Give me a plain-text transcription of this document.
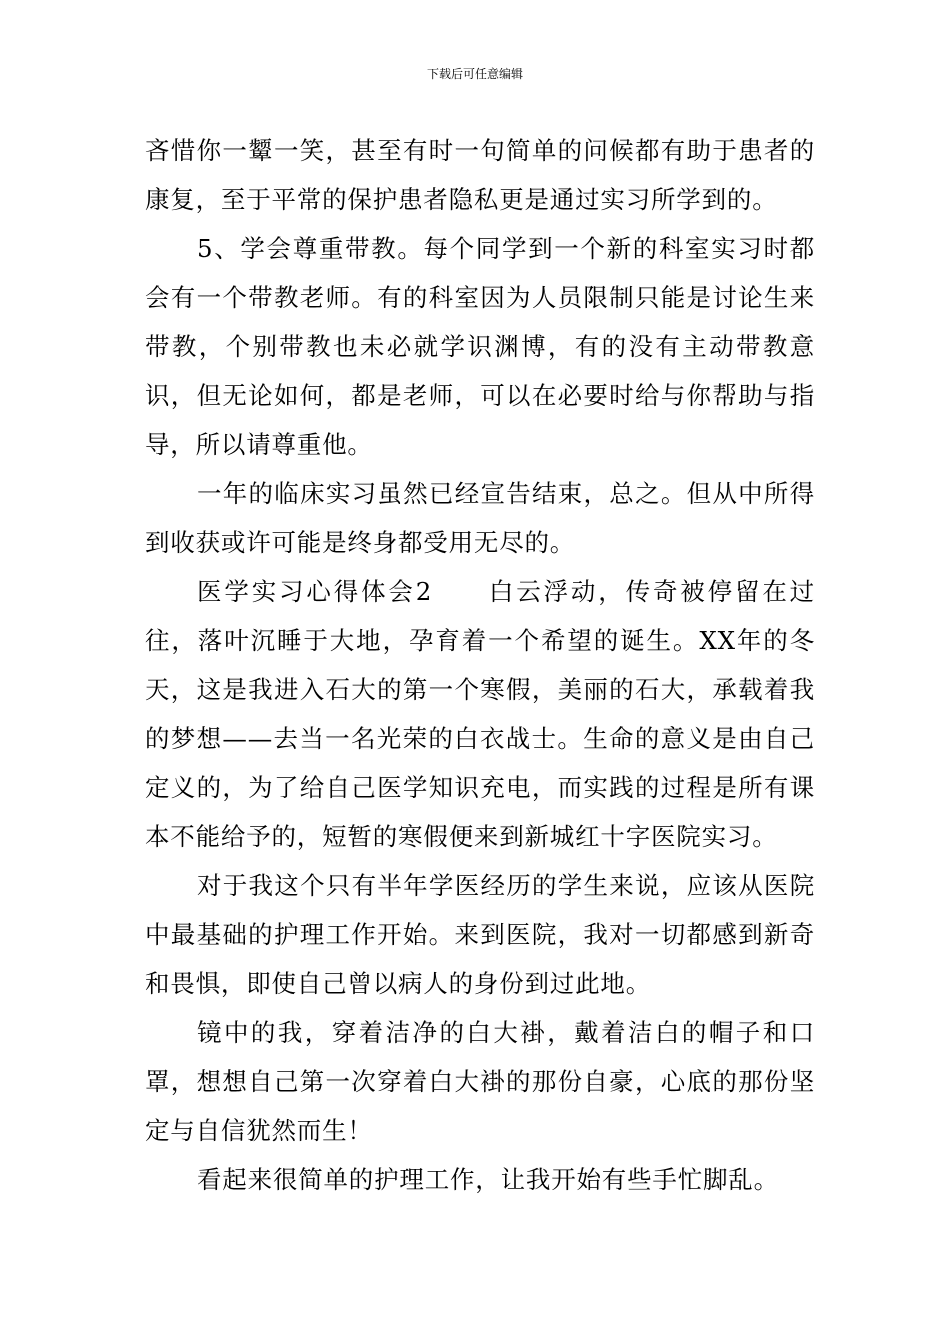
下载后可任意编辑

吝惜你一颦一笑，甚至有时一句简单的问候都有助于患者的康复，至于平常的保护患者隐私更是通过实习所学到的。

5、学会尊重带教。每个同学到一个新的科室实习时都会有一个带教老师。有的科室因为人员限制只能是讨论生来带教，个别带教也未必就学识渊博，有的没有主动带教意识，但无论如何，都是老师，可以在必要时给与你帮助与指导，所以请尊重他。

一年的临床实习虽然已经宣告结束，总之。但从中所得到收获或许可能是终身都受用无尽的。

医学实习心得体会2　　白云浮动，传奇被停留在过往，落叶沉睡于大地，孕育着一个希望的诞生。XX年的冬天，这是我进入石大的第一个寒假，美丽的石大，承载着我的梦想——去当一名光荣的白衣战士。生命的意义是由自己定义的，为了给自己医学知识充电，而实践的过程是所有课本不能给予的，短暂的寒假便来到新城红十字医院实习。

对于我这个只有半年学医经历的学生来说，应该从医院中最基础的护理工作开始。来到医院，我对一切都感到新奇和畏惧，即使自己曾以病人的身份到过此地。

镜中的我，穿着洁净的白大褂，戴着洁白的帽子和口罩，想想自己第一次穿着白大褂的那份自豪，心底的那份坚定与自信犹然而生！

看起来很简单的护理工作，让我开始有些手忙脚乱。
